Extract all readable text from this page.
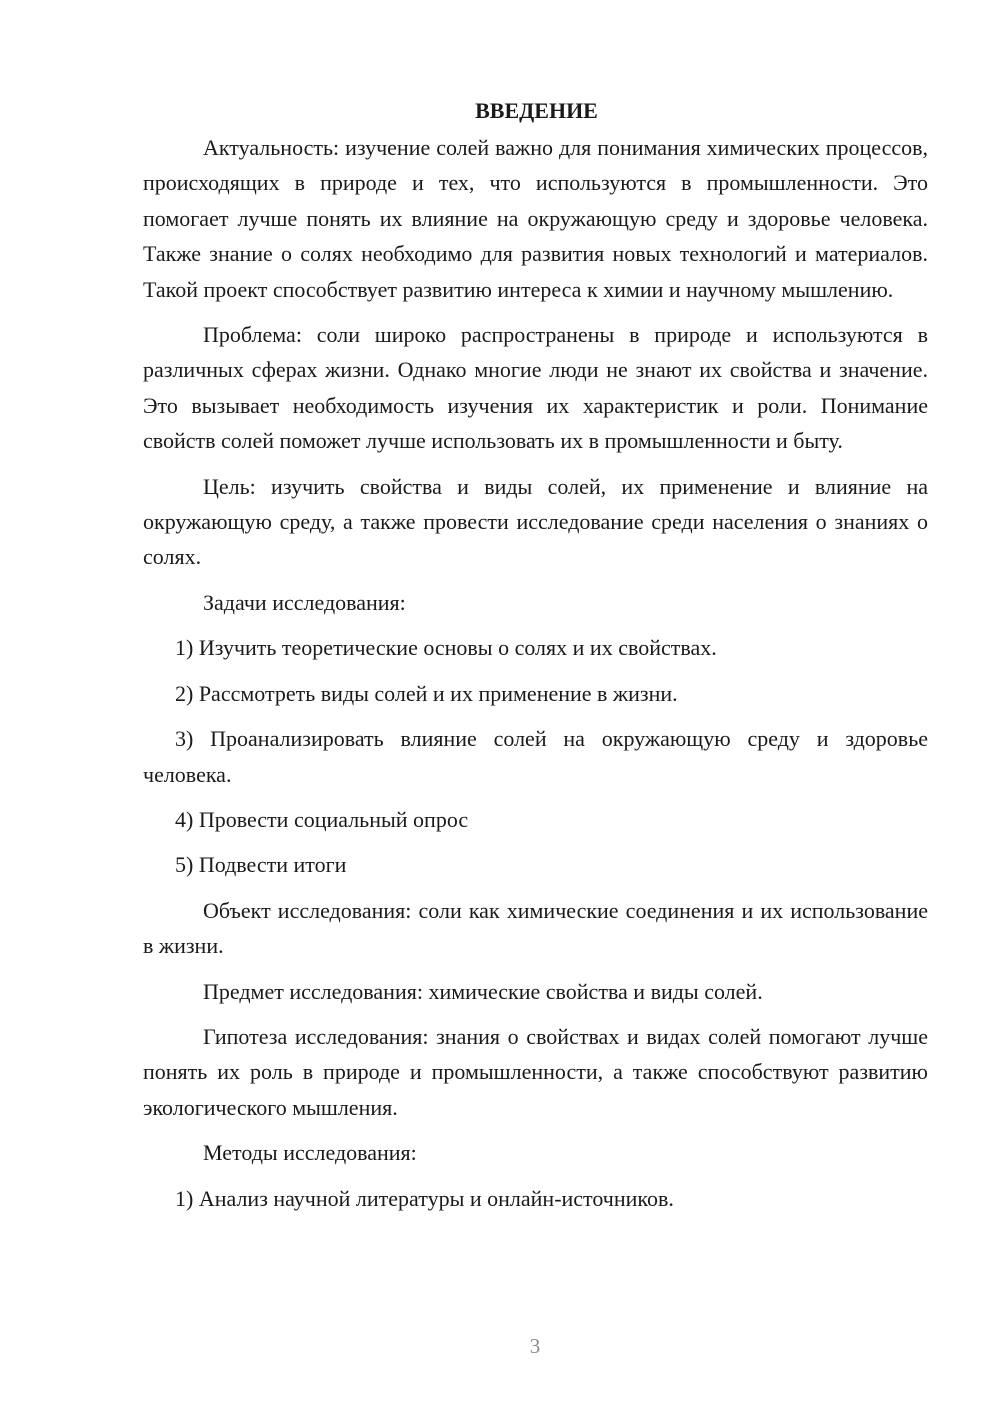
ВВЕДЕНИЕ

Актуальность: изучение солей важно для понимания химических процессов, происходящих в природе и тех, что используются в промышленности. Это помогает лучше понять их влияние на окружающую среду и здоровье человека. Также знание о солях необходимо для развития новых технологий и материалов. Такой проект способствует развитию интереса к химии и научному мышлению.

Проблема: соли широко распространены в природе и используются в различных сферах жизни. Однако многие люди не знают их свойства и значение. Это вызывает необходимость изучения их характеристик и роли. Понимание свойств солей поможет лучше использовать их в промышленности и быту.

Цель: изучить свойства и виды солей, их применение и влияние на окружающую среду, а также провести исследование среди населения о знаниях о солях.

Задачи исследования:

1) Изучить теоретические основы о солях и их свойствах.

2) Рассмотреть виды солей и их применение в жизни.

3) Проанализировать влияние солей на окружающую среду и здоровье человека.

4) Провести социальный опрос

5) Подвести итоги

Объект исследования: соли как химические соединения и их использование в жизни.

Предмет исследования: химические свойства и виды солей.

Гипотеза исследования: знания о свойствах и видах солей помогают лучше понять их роль в природе и промышленности, а также способствуют развитию экологического мышления.

Методы исследования:

1) Анализ научной литературы и онлайн-источников.

3
